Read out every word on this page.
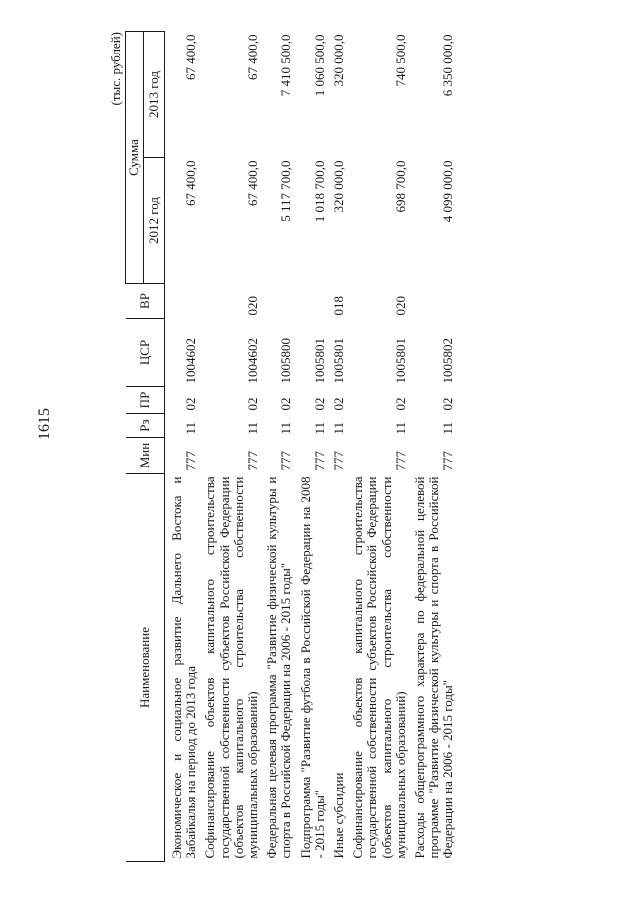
1615
(тыс. рублей)
Наименование	Мин	Рз	ПР	ЦСР	ВР	Сумма	
						2012 год	2013 год
Экономическое и социальное развитие Дальнего Востока и Забайкалья на период до 2013 года	777	11	02	1004602		67 400,0	67 400,0
Софинансирование объектов капитального строительства государственной собственности субъектов Российской Федерации (объектов капитального строительства собственности муниципальных образований)	777	11	02	1004602	020	67 400,0	67 400,0
Федеральная целевая программа "Развитие физической культуры и спорта в Российской Федерации на 2006 - 2015 годы"	777	11	02	1005800		5 117 700,0	7 410 500,0
Подпрограмма "Развитие футбола в Российской Федерации на 2008 - 2015 годы"	777	11	02	1005801		1 018 700,0	1 060 500,0
Иные субсидии	777	11	02	1005801	018	320 000,0	320 000,0
Софинансирование объектов капитального строительства государственной собственности субъектов Российской Федерации (объектов капитального строительства собственности муниципальных образований)	777	11	02	1005801	020	698 700,0	740 500,0
Расходы общепрограммного характера по федеральной целевой программе "Развитие физической культуры и спорта в Российской Федерации на 2006 - 2015 годы"	777	11	02	1005802		4 099 000,0	6 350 000,0
